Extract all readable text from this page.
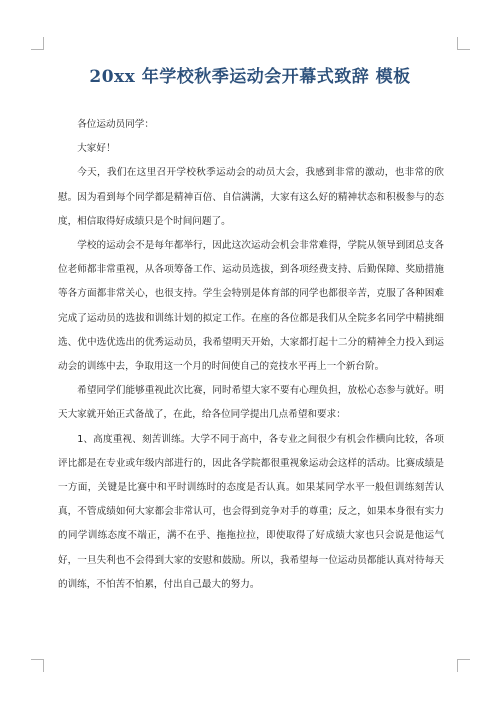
20xx 年学校秋季运动会开幕式致辞 模板

各位运动员同学：

大家好！

今天，我们在这里召开学校秋季运动会的动员大会，我感到非常的激动，也非常的欣慰。因为看到每个同学都是精神百倍、自信满满，大家有这么好的精神状态和积极参与的态度，相信取得好成绩只是个时间问题了。

学校的运动会不是每年都举行，因此这次运动会机会非常难得，学院从领导到团总支各位老师都非常重视，从各项筹备工作、运动员选拔，到各项经费支持、后勤保障、奖励措施等各方面都非常关心，也很支持。学生会特别是体育部的同学也都很辛苦，克服了各种困难完成了运动员的选拔和训练计划的拟定工作。在座的各位都是我们从全院多名同学中精挑细选、优中选优选出的优秀运动员，我希望明天开始，大家都打起十二分的精神全力投入到运动会的训练中去，争取用这一个月的时间使自己的竞技水平再上一个新台阶。

希望同学们能够重视此次比赛，同时希望大家不要有心理负担，放松心态参与就好。明天大家就开始正式备战了，在此，给各位同学提出几点希望和要求：

1、高度重视、刻苦训练。大学不同于高中，各专业之间很少有机会作横向比较，各项评比都是在专业或年级内部进行的，因此各学院都很重视象运动会这样的活动。比赛成绩是一方面，关键是比赛中和平时训练时的态度是否认真。如果某同学水平一般但训练刻苦认真，不管成绩如何大家都会非常认可，也会得到竞争对手的尊重；反之，如果本身很有实力的同学训练态度不端正，满不在乎、拖拖拉拉，即使取得了好成绩大家也只会说是他运气好，一旦失利也不会得到大家的安慰和鼓励。所以，我希望每一位运动员都能认真对待每天的训练，不怕苦不怕累，付出自己最大的努力。
